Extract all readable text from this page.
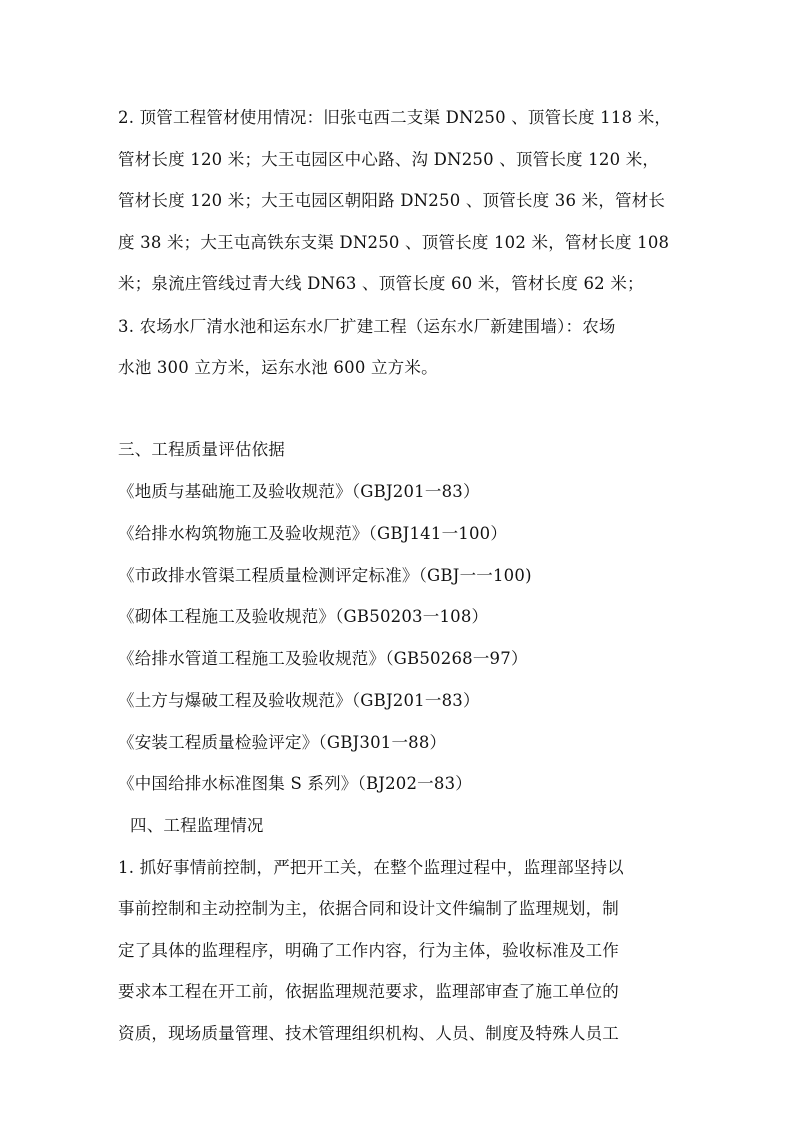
2. 顶管工程管材使用情况：旧张屯西二支渠 DN250 、顶管长度 118 米，
管材长度 120 米；大王屯园区中心路、沟 DN250 、顶管长度 120 米，
管材长度 120 米；大王屯园区朝阳路 DN250 、顶管长度 36 米，管材长
度 38 米；大王屯高铁东支渠 DN250 、顶管长度 102 米，管材长度 108
米；泉流庄管线过青大线 DN63 、顶管长度 60 米，管材长度 62 米；
3. 农场水厂清水池和运东水厂扩建工程（运东水厂新建围墙）：农场
水池 300 立方米，运东水池 600 立方米。
三、工程质量评估依据
《地质与基础施工及验收规范》（GBJ201一83）
《给排水构筑物施工及验收规范》（GBJ141一100）
《市政排水管渠工程质量检测评定标准》（GBJ一一100)
《砌体工程施工及验收规范》（GB50203一108）
《给排水管道工程施工及验收规范》（GB50268一97）
《土方与爆破工程及验收规范》（GBJ201一83）
《安装工程质量检验评定》（GBJ301一88）
《中国给排水标准图集 S 系列》（BJ202一83）
四、工程监理情况
1. 抓好事情前控制，严把开工关，在整个监理过程中，监理部坚持以
事前控制和主动控制为主，依据合同和设计文件编制了监理规划，制
定了具体的监理程序，明确了工作内容，行为主体，验收标准及工作
要求本工程在开工前，依据监理规范要求，监理部审查了施工单位的
资质，现场质量管理、技术管理组织机构、人员、制度及特殊人员工
